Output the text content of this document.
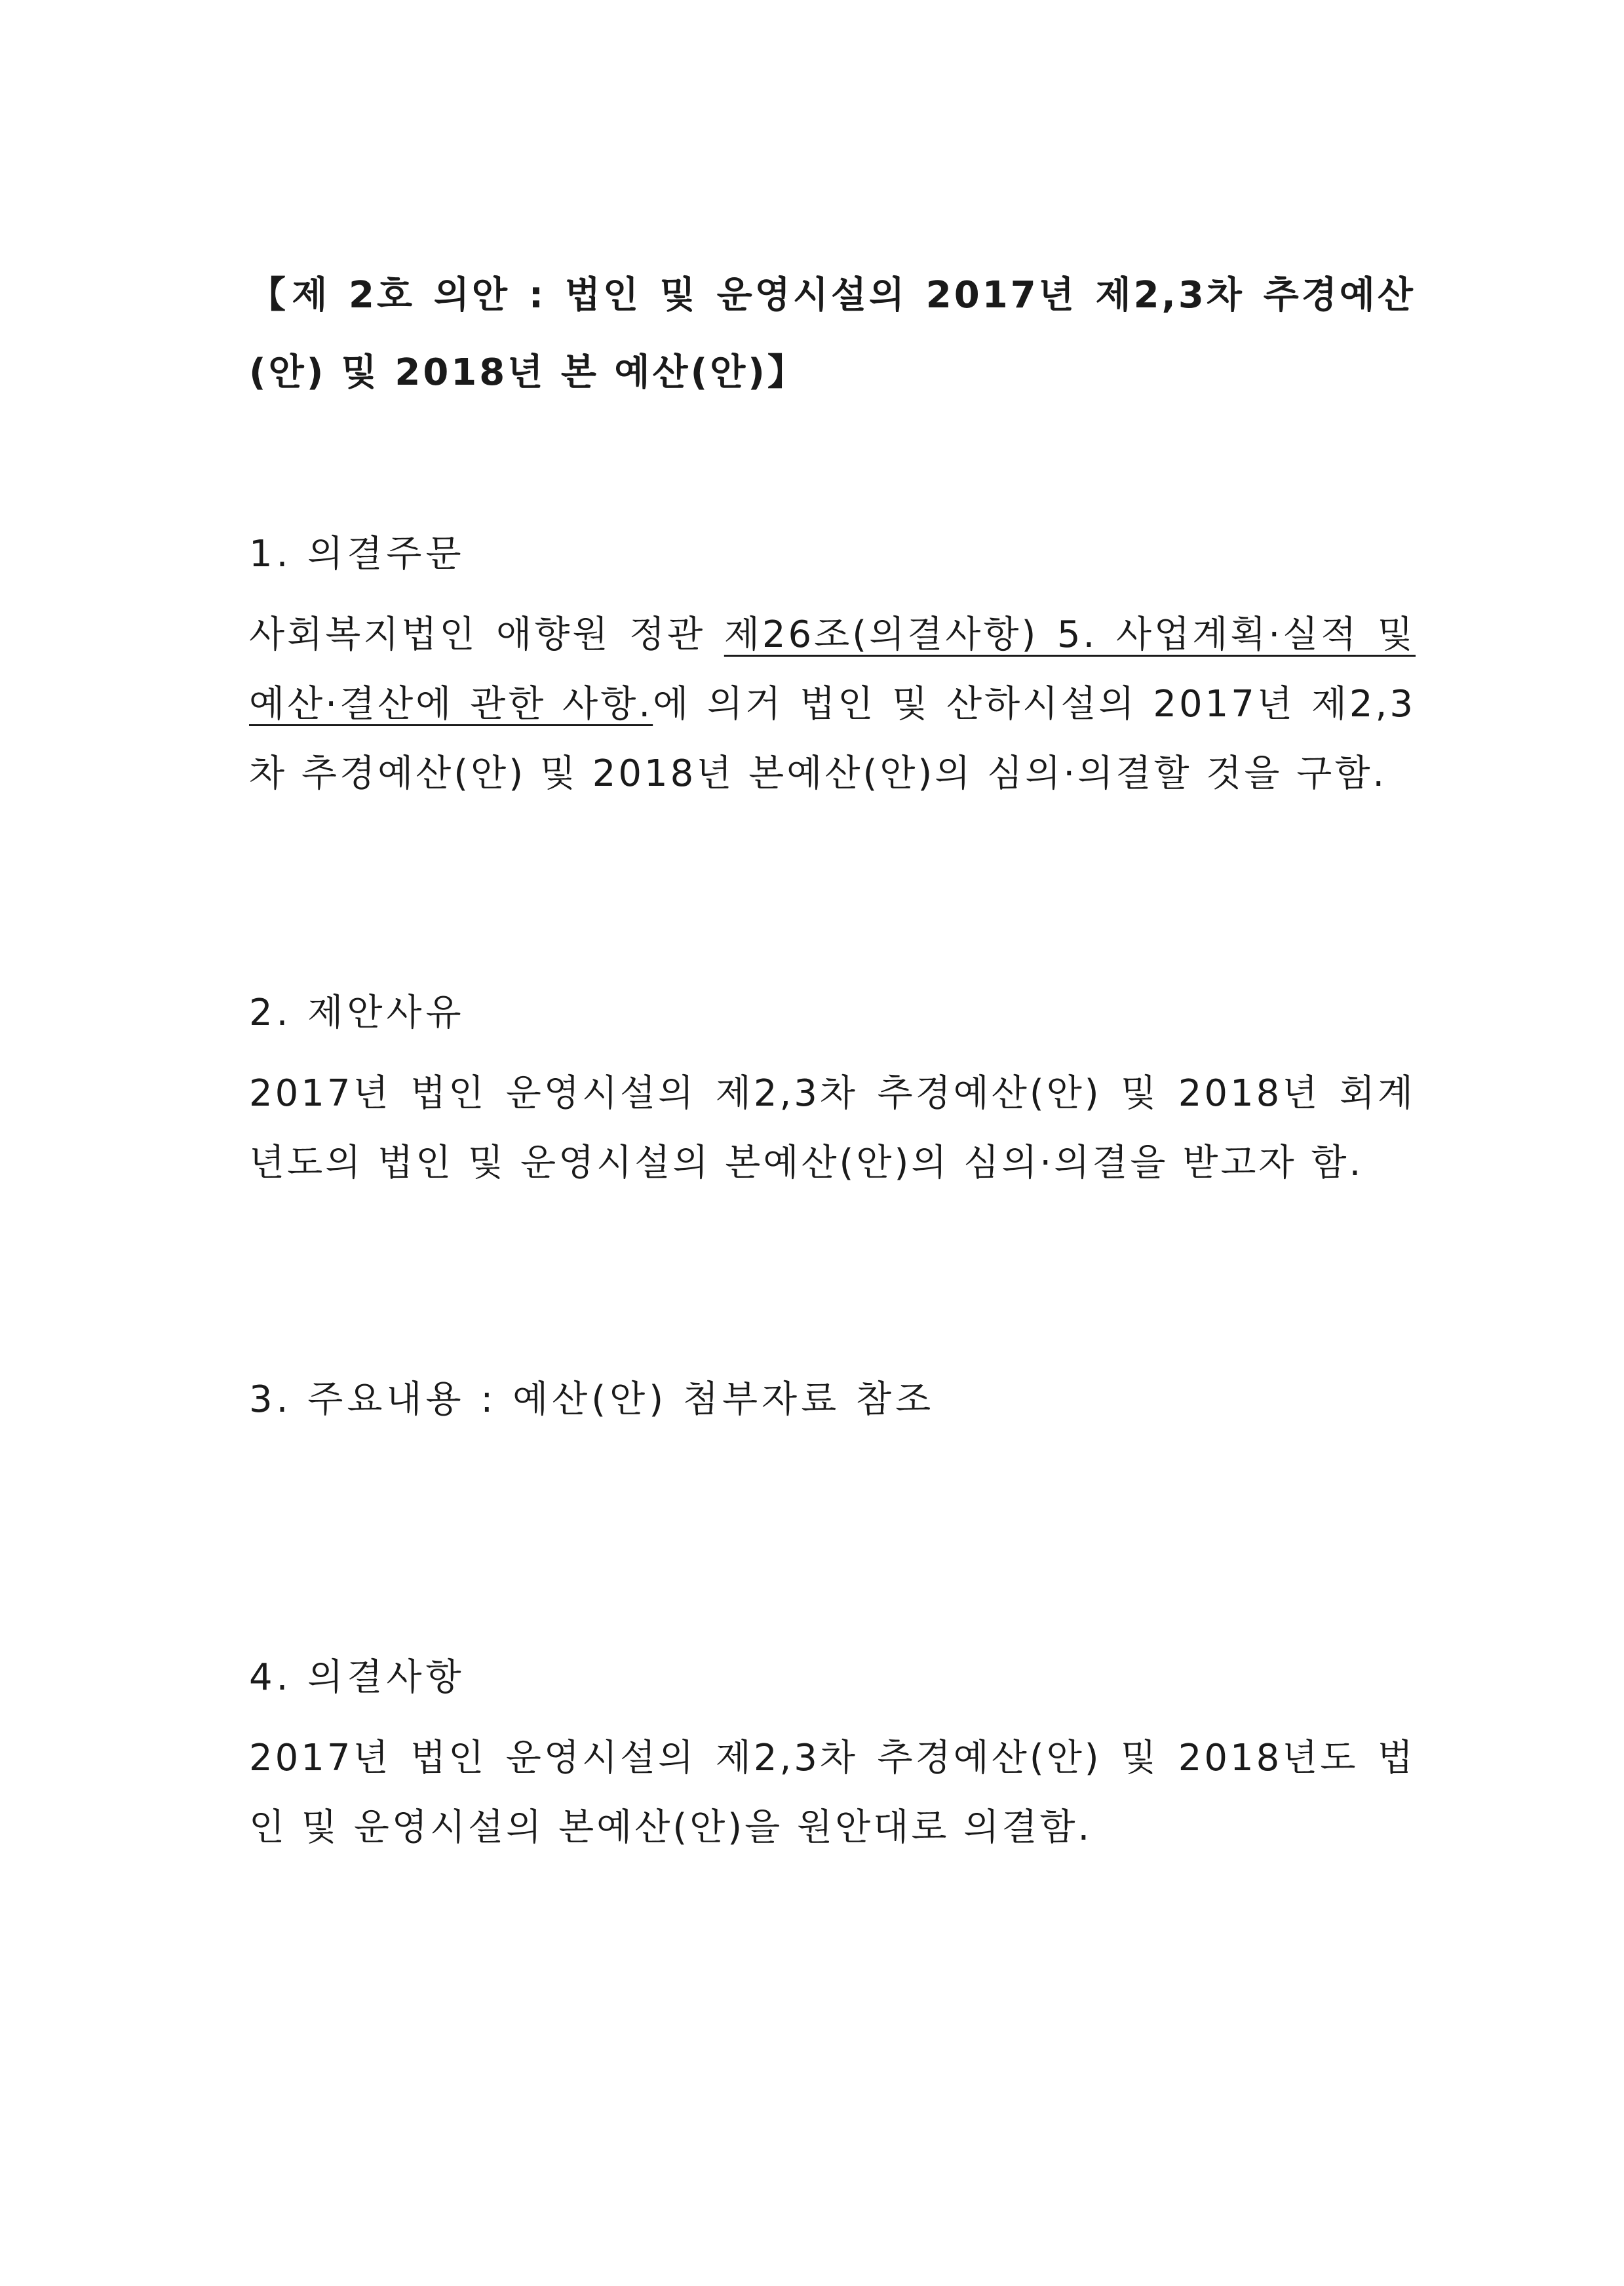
【제 2호 의안 : 법인 및 운영시설의 2017년 제2,3차 추경예산(안) 및 2018년 본 예산(안)】

1. 의결주문

사회복지법인 애향원 정관 제26조(의결사항) 5. 사업계획·실적 및 예산·결산에 관한 사항.에 의거 법인 및 산하시설의 2017년 제2,3차 추경예산(안) 및 2018년 본예산(안)의 심의·의결할 것을 구함.

2. 제안사유

2017년 법인 운영시설의 제2,3차 추경예산(안) 및 2018년 회계년도의 법인 및 운영시설의 본예산(안)의 심의·의결을 받고자 함.

3. 주요내용 : 예산(안) 첨부자료 참조

4. 의결사항

2017년 법인 운영시설의 제2,3차 추경예산(안) 및 2018년도 법인 및 운영시설의 본예산(안)을 원안대로 의결함.
